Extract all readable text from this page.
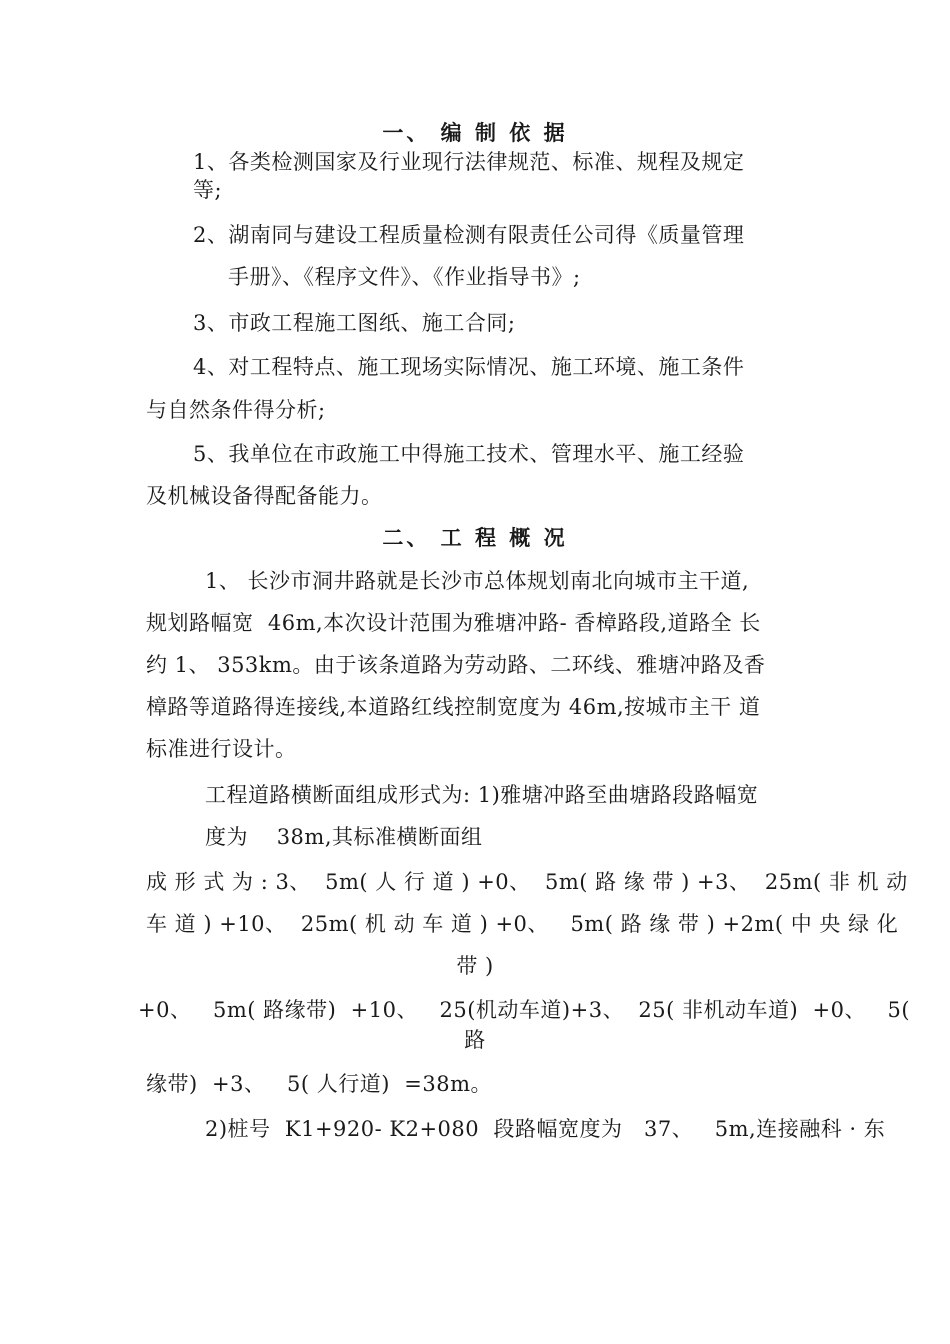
一、 编 制 依 据

1、各类检测国家及行业现行法律规范、标准、规程及规定

等;

2、湖南同与建设工程质量检测有限责任公司得《质量管理

手册》、《程序文件》、《作业指导书》;

3、市政工程施工图纸、施工合同;

4、对工程特点、施工现场实际情况、施工环境、施工条件

与自然条件得分析;

5、我单位在市政施工中得施工技术、管理水平、施工经验

及机械设备得配备能力。

二、 工 程 概 况

1、 长沙市洞井路就是长沙市总体规划南北向城市主干道,

规划路幅宽  46m,本次设计范围为雅塘冲路- 香樟路段,道路全 长

约 1、 353km。由于该条道路为劳动路、二环线、雅塘冲路及香

樟路等道路得连接线,本道路红线控制宽度为 46m,按城市主干 道

标准进行设计。

工程道路横断面组成形式为: 1)雅塘冲路至曲塘路段路幅宽

度为    38m,其标准横断面组

成 形 式 为 : 3、  5m( 人 行 道 ) +0、  5m( 路 缘 带 ) +3、  25m( 非 机 动

车 道 ) +10、  25m( 机 动 车 道 ) +0、   5m( 路 缘 带 ) +2m( 中 央 绿 化

带 )

+0、   5m( 路缘带)  +10、   25(机动车道)+3、  25( 非机动车道)  +0、   5(

路

缘带)  +3、   5( 人行道)  =38m。

2)桩号  K1+920- K2+080  段路幅宽度为   37、   5m,连接融科 · 东
